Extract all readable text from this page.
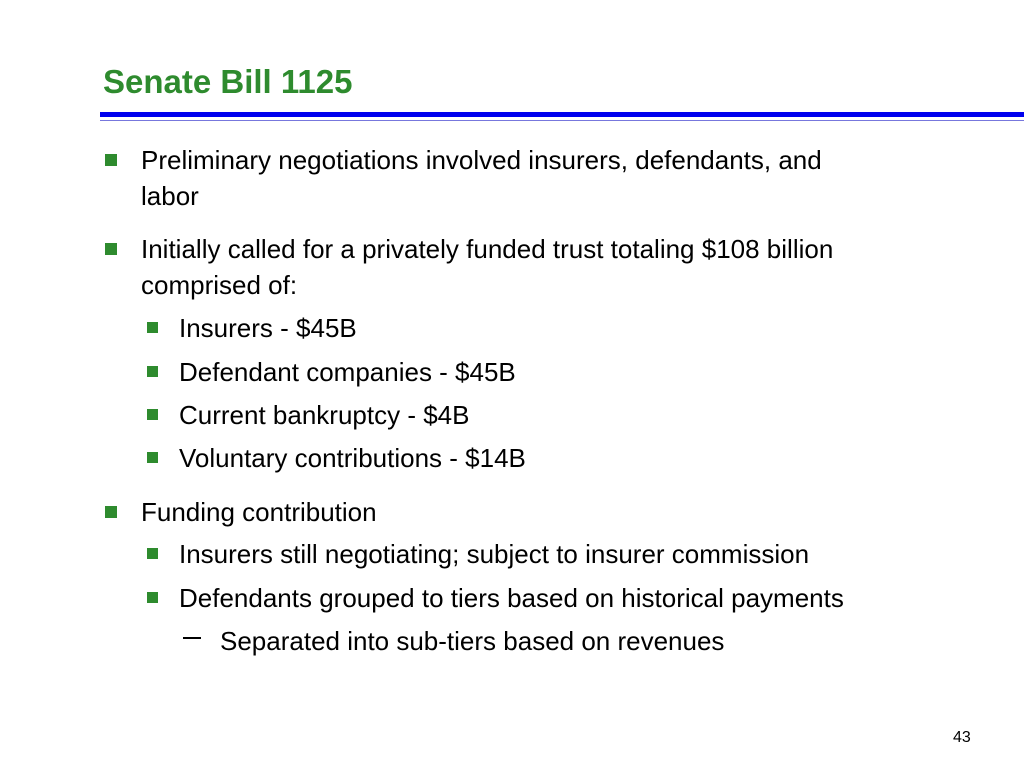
Senate Bill 1125
Preliminary negotiations involved insurers, defendants, and
labor
Initially called for a privately funded trust totaling $108 billion
comprised of:
Insurers - $45B
Defendant companies - $45B
Current bankruptcy - $4B
Voluntary contributions - $14B
Funding contribution
Insurers still negotiating; subject to insurer commission
Defendants grouped to tiers based on historical payments
Separated into sub-tiers based on revenues
43
